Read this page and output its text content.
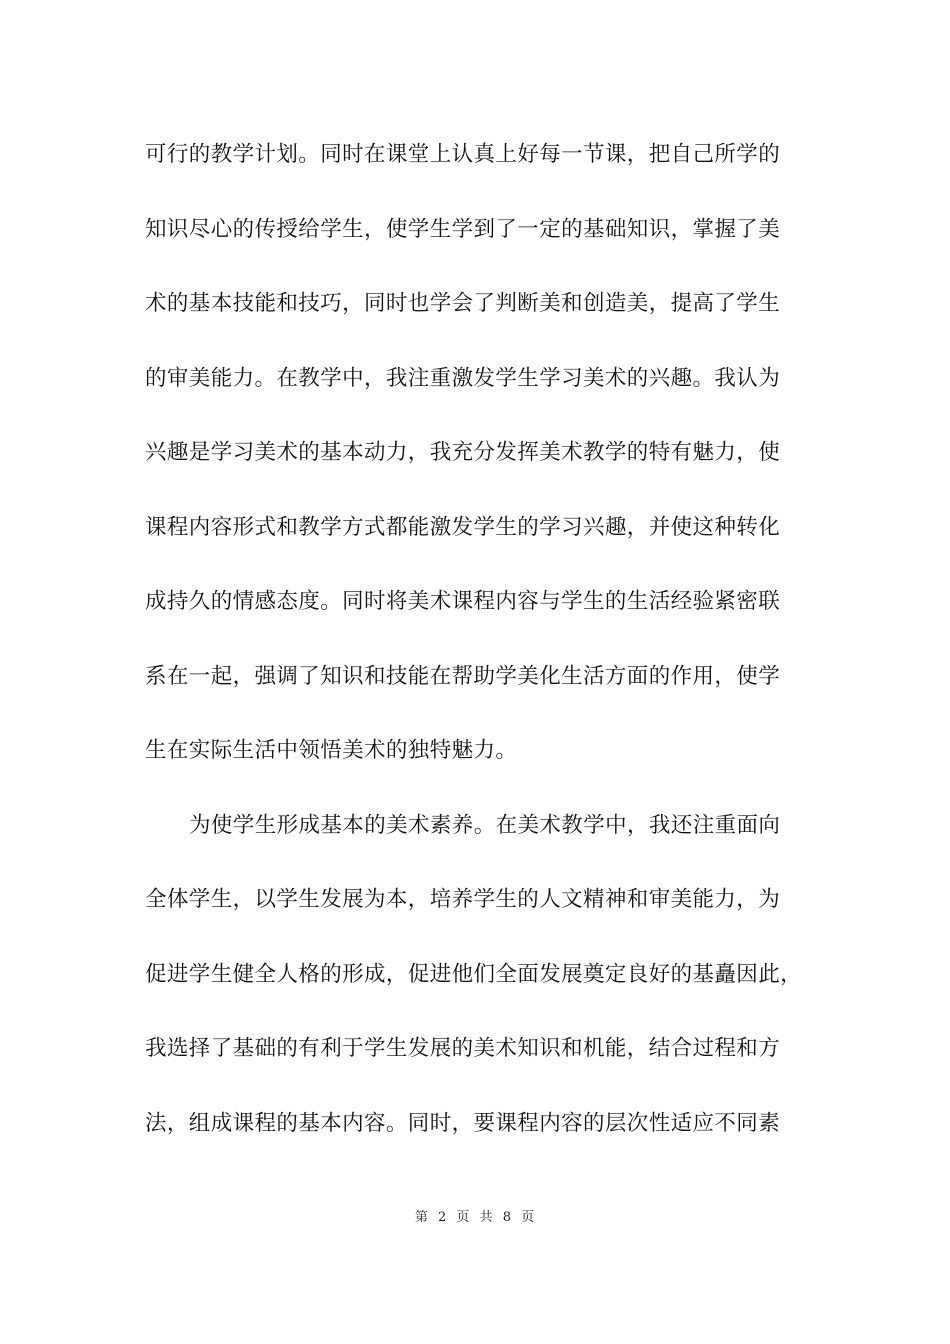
可行的教学计划。同时在课堂上认真上好每一节课，把自己所学的
知识尽心的传授给学生，使学生学到了一定的基础知识，掌握了美
术的基本技能和技巧，同时也学会了判断美和创造美，提高了学生
的审美能力。在教学中，我注重激发学生学习美术的兴趣。我认为
兴趣是学习美术的基本动力，我充分发挥美术教学的特有魅力，使
课程内容形式和教学方式都能激发学生的学习兴趣，并使这种转化
成持久的情感态度。同时将美术课程内容与学生的生活经验紧密联
系在一起，强调了知识和技能在帮助学美化生活方面的作用，使学
生在实际生活中领悟美术的独特魅力。
为使学生形成基本的美术素养。在美术教学中，我还注重面向
全体学生，以学生发展为本，培养学生的人文精神和审美能力，为
促进学生健全人格的形成，促进他们全面发展奠定良好的基矗因此，
我选择了基础的有利于学生发展的美术知识和机能，结合过程和方
法，组成课程的基本内容。同时，要课程内容的层次性适应不同素
第 2 页 共 8 页
